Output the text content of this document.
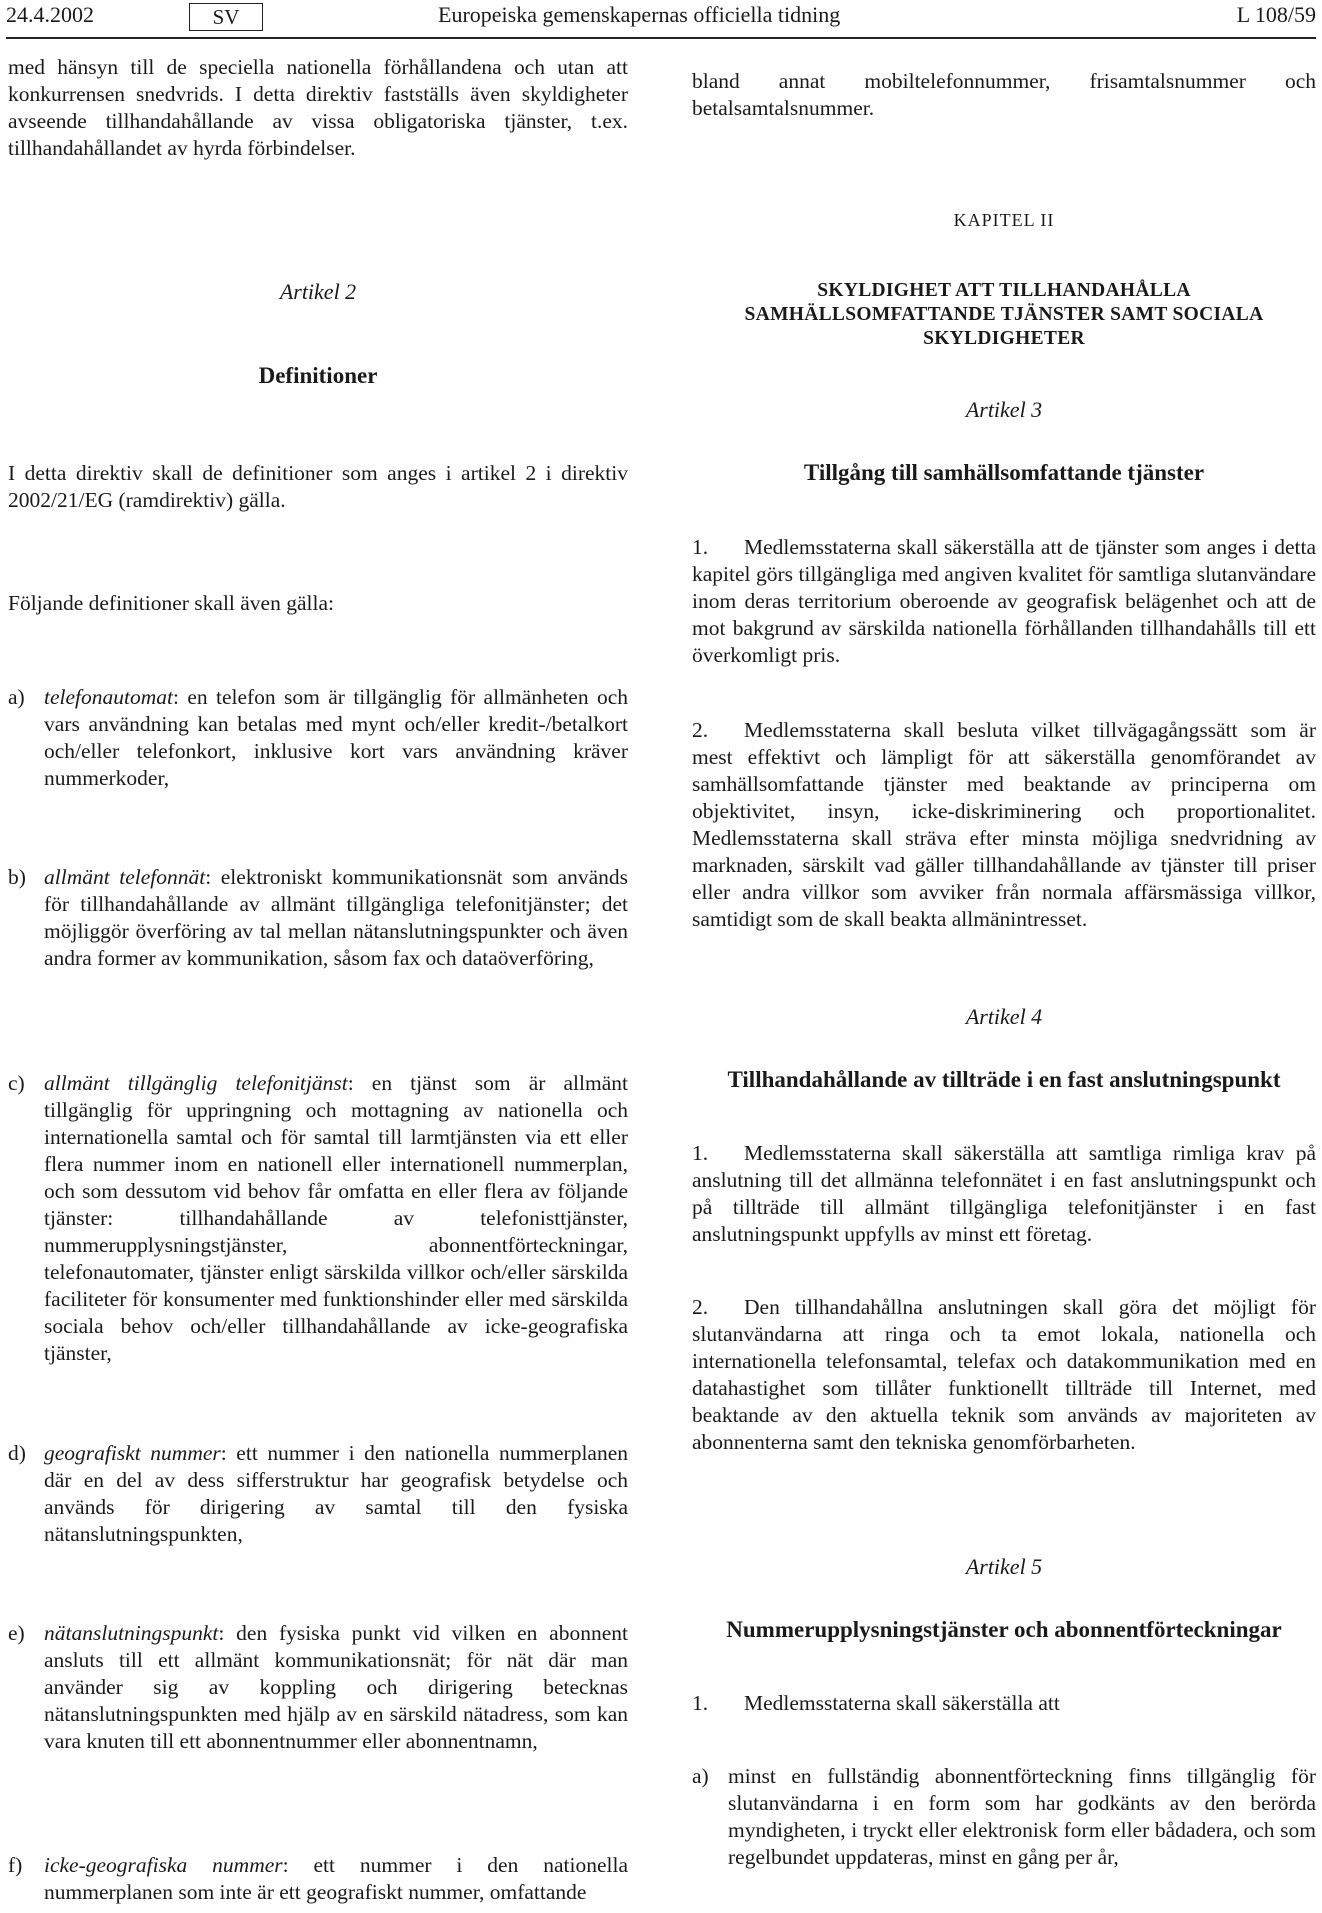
24.4.2002	SV	Europeiska gemenskapernas officiella tidning	L 108/59

med hänsyn till de speciella nationella förhållandena och utan att konkurrensen snedvrids. I detta direktiv fastställs även skyldigheter avseende tillhandahållande av vissa obligatoriska tjänster, t.ex. tillhandahållandet av hyrda förbindelser.

Artikel 2
Definitioner

I detta direktiv skall de definitioner som anges i artikel 2 i direktiv 2002/21/EG (ramdirektiv) gälla.

Följande definitioner skall även gälla:

a) telefonautomat: en telefon som är tillgänglig för allmänheten och vars användning kan betalas med mynt och/eller kredit-/betalkort och/eller telefonkort, inklusive kort vars användning kräver nummerkoder,

b) allmänt telefonnät: elektroniskt kommunikationsnät som används för tillhandahållande av allmänt tillgängliga telefonitjänster; det möjliggör överföring av tal mellan nätanslutningspunkter och även andra former av kommunikation, såsom fax och dataöverföring,

c) allmänt tillgänglig telefonitjänst: en tjänst som är allmänt tillgänglig för uppringning och mottagning av nationella och internationella samtal och för samtal till larmtjänsten via ett eller flera nummer inom en nationell eller internationell nummerplan, och som dessutom vid behov får omfatta en eller flera av följande tjänster: tillhandahållande av telefonisttjänster, nummerupplysningstjänster, abonnentförteckningar, telefonautomater, tjänster enligt särskilda villkor och/eller särskilda faciliteter för konsumenter med funktionshinder eller med särskilda sociala behov och/eller tillhandahållande av icke-geografiska tjänster,

d) geografiskt nummer: ett nummer i den nationella nummerplanen där en del av dess sifferstruktur har geografisk betydelse och används för dirigering av samtal till den fysiska nätanslutningspunkten,

e) nätanslutningspunkt: den fysiska punkt vid vilken en abonnent ansluts till ett allmänt kommunikationsnät; för nät där man använder sig av koppling och dirigering betecknas nätanslutningspunkten med hjälp av en särskild nätadress, som kan vara knuten till ett abonnentnummer eller abonnentnamn,

f)	icke-geografiska nummer: ett nummer i den nationella nummerplanen som inte är ett geografiskt nummer, omfattande

bland annat mobiltelefonnummer, frisamtalsnummer och betalsamtalsnummer.

KAPITEL II
SKYLDIGHET ATT TILLHANDAHÅLLA SAMHÄLLSOMFATTANDE TJÄNSTER SAMT SOCIALA SKYLDIGHETER
Artikel 3
Tillgång till samhällsomfattande tjänster

1. Medlemsstaterna skall säkerställa att de tjänster som anges i detta kapitel görs tillgängliga med angiven kvalitet för samtliga slutanvändare inom deras territorium oberoende av geografisk belägenhet och att de mot bakgrund av särskilda nationella förhållanden tillhandahålls till ett överkomligt pris.

2. Medlemsstaterna skall besluta vilket tillvägagångssätt som är mest effektivt och lämpligt för att säkerställa genomförandet av samhällsomfattande tjänster med beaktande av principerna om objektivitet, insyn, icke-diskriminering och proportionalitet. Medlemsstaterna skall sträva efter minsta möjliga snedvridning av marknaden, särskilt vad gäller tillhandahållande av tjänster till priser eller andra villkor som avviker från normala affärsmässiga villkor, samtidigt som de skall beakta allmänintresset.

Artikel 4
Tillhandahållande av tillträde i en fast anslutningspunkt

1. Medlemsstaterna skall säkerställa att samtliga rimliga krav på anslutning till det allmänna telefonnätet i en fast anslutningspunkt och på tillträde till allmänt tillgängliga telefonitjänster i en fast anslutningspunkt uppfylls av minst ett företag.

2. Den tillhandahållna anslutningen skall göra det möjligt för slutanvändarna att ringa och ta emot lokala, nationella och internationella telefonsamtal, telefax och datakommunikation med en datahastighet som tillåter funktionellt tillträde till Internet, med beaktande av den aktuella teknik som används av majoriteten av abonnenterna samt den tekniska genomförbarheten.

Artikel 5
Nummerupplysningstjänster och abonnentförteckningar

1. Medlemsstaterna skall säkerställa att

a) minst en fullständig abonnentförteckning finns tillgänglig för slutanvändarna i en form som har godkänts av den berörda myndigheten, i tryckt eller elektronisk form eller bådadera, och som regelbundet uppdateras, minst en gång per år,
